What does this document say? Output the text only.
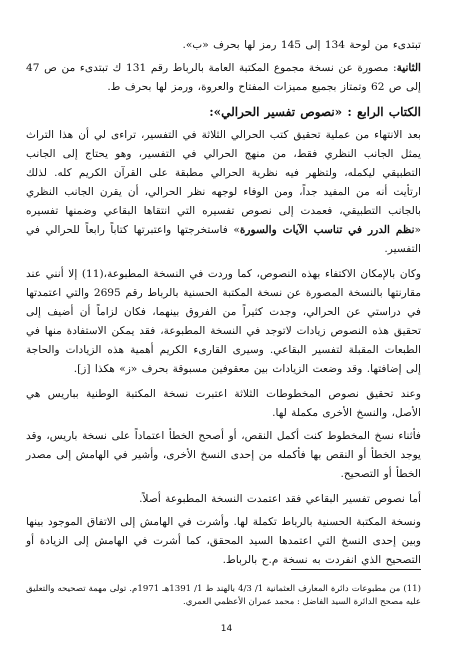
تبتدىء من لوحة 134 إلى 145 رمز لها بحرف «ب».

الثانية: مصورة عن نسخة مجموع المكتبة العامة بالرباط رقم 131 ك تبتدىء من ص 47 إلى ص 62 وتمتاز بجميع مميزات المفتاح والعروة، ورمز لها بحرف ط.

الكتاب الرابع : «نصوص تفسير الحرالي»:

بعد الانتهاء من عملية تحقيق كتب الحرالي الثلاثة في التفسير، تراءى لي أن هذا التراث يمثل الجانب النظري فقط، من منهج الحرالي في التفسير، وهو يحتاج إلى الجانب التطبيقي ليكمله، ولتظهر فيه نظرية الحرالي مطبقة على القرآن الكريم كله. لذلك ارتأيت أنه من المفيد جداً، ومن الوفاء لوجهه نظر الحرالي، أن يقرن الجانب النظري بالجانب التطبيقي، فعمدت إلى نصوص تفسيره التي انتقاها البقاعي وضمنها تفسيره «نظم الدرر في تناسب الآيات والسورة» فاستخرجتها واعتبرتها كتاباً رابعاً للحرالي في التفسير.

وكان بالإمكان الاكتفاء بهذه النصوص، كما وردت في النسخة المطبوعة،(11) إلا أنني عند مقارنتها بالنسخة المصورة عن نسخة المكتبة الحسنية بالرباط رقم 2695 والتي اعتمدتها في دراستي عن الحرالي، وجدت كثيراً من الفروق بينهما، فكان لزاماً أن أضيف إلى تحقيق هذه النصوص زيادات لاتوجد في النسخة المطبوعة، فقد يمكن الاستفادة منها في الطبعات المقبلة لتفسير البقاعي. وسيرى القارىء الكريم أهمية هذه الزيادات والحاجة إلى إضافتها. وقد وضعت الزيادات بين معقوفين مسبوقة بحرف «ز» هكذا [ز].

وعند تحقيق نصوص المخطوطات الثلاثة اعتبرت نسخة المكتبة الوطنية بباريس هي الأصل، والنسخ الأخرى مكملة لها.

فأثناء نسخ المخطوط كنت أكمل النقص، أو أصحح الخطأ اعتماداً على نسخة باريس، وقد يوجد الخطأ أو النقص بها فأكمله من إحدى النسخ الأخرى، وأشير في الهامش إلى مصدر الخطأ أو التصحيح.

أما نصوص تفسير البقاعي فقد اعتمدت النسخة المطبوعة أصلاً.

ونسخة المكتبة الحسنية بالرباط تكملة لها. وأشرت في الهامش إلى الاتفاق الموجود بينها وبين إحدى النسخ التي اعتمدها السيد المحقق، كما أشرت في الهامش إلى الزيادة أو التصحيح الذي انفردت به نسخة م.ح بالرباط.

(11) من مطبوعات دائرة المعارف العثمانية 1/ 4/3 بالهند ط 1/ 1391هـ 1971م. تولى مهمة تصحيحه والتعليق عليه مصحح الدائرة السيد الفاضل : محمد عمران الأعظمي العمري.

14
